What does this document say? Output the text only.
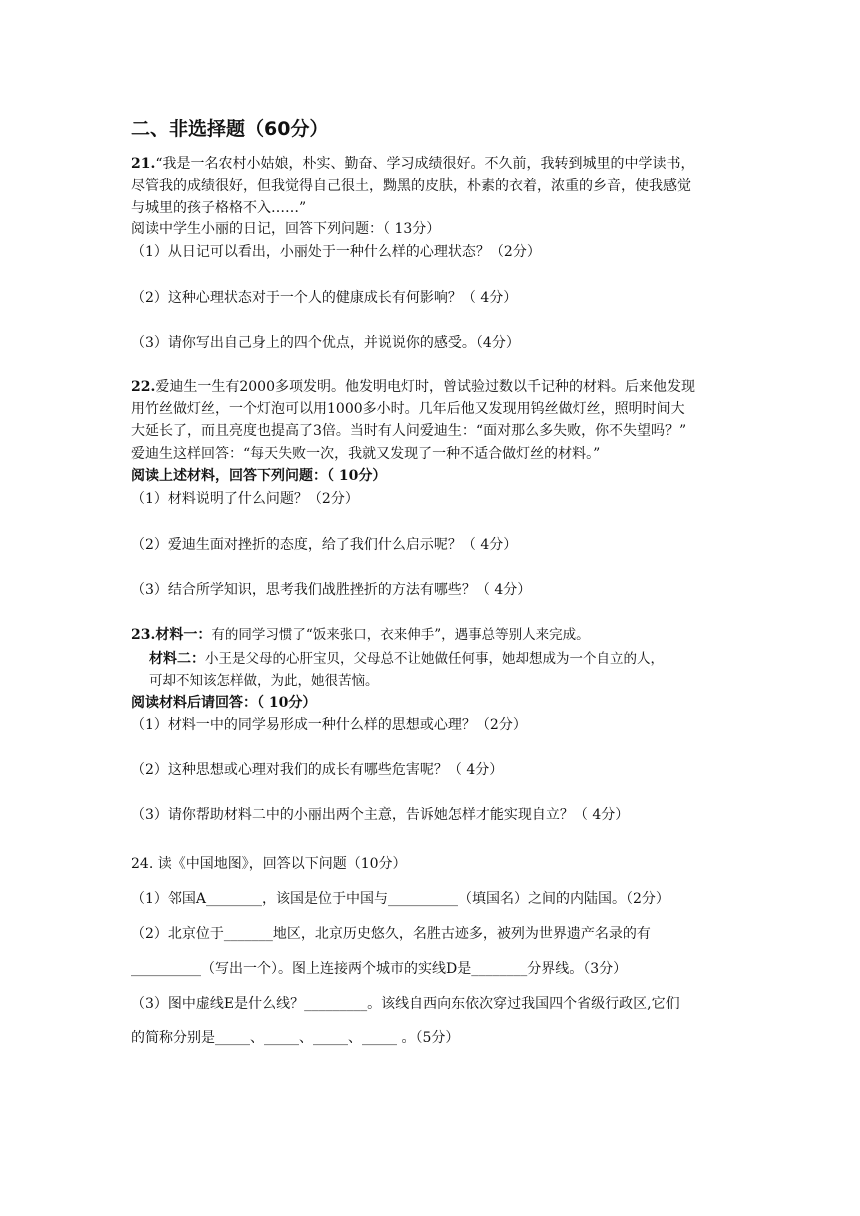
二、非选择题（60分）
21.“我是一名农村小姑娘，朴实、勤奋、学习成绩很好。不久前，我转到城里的中学读书，
尽管我的成绩很好，但我觉得自己很土，黝黑的皮肤，朴素的衣着，浓重的乡音，使我感觉
与城里的孩子格格不入……”
阅读中学生小丽的日记，回答下列问题：（ 13分）
（1）从日记可以看出，小丽处于一种什么样的心理状态？（2分）
（2）这种心理状态对于一个人的健康成长有何影响？（ 4分）
（3）请你写出自己身上的四个优点，并说说你的感受。（4分）
22.爱迪生一生有2000多项发明。他发明电灯时，曾试验过数以千记种的材料。后来他发现
用竹丝做灯丝，一个灯泡可以用1000多小时。几年后他又发现用钨丝做灯丝，照明时间大
大延长了，而且亮度也提高了3倍。当时有人问爱迪生：“面对那么多失败，你不失望吗？”
爱迪生这样回答：“每天失败一次，我就又发现了一种不适合做灯丝的材料。”
阅读上述材料，回答下列问题：（ 10分）
（1）材料说明了什么问题？（2分）
（2）爱迪生面对挫折的态度，给了我们什么启示呢？（ 4分）
（3）结合所学知识，思考我们战胜挫折的方法有哪些？（ 4分）
23.材料一：有的同学习惯了“饭来张口，衣来伸手”，遇事总等别人来完成。
材料二：小王是父母的心肝宝贝，父母总不让她做任何事，她却想成为一个自立的人，
可却不知该怎样做，为此，她很苦恼。
阅读材料后请回答：（ 10分）
（1）材料一中的同学易形成一种什么样的思想或心理？（2分）
（2）这种思想或心理对我们的成长有哪些危害呢？（ 4分）
（3）请你帮助材料二中的小丽出两个主意，告诉她怎样才能实现自立？（ 4分）
24. 读《中国地图》，回答以下问题（10分）
（1）邻国A________，该国是位于中国与__________（填国名）之间的内陆国。（2分）
（2）北京位于_______地区，北京历史悠久，名胜古迹多，被列为世界遗产名录的有
__________（写出一个）。图上连接两个城市的实线D是________分界线。（3分）
（3）图中虚线E是什么线？_________。该线自西向东依次穿过我国四个省级行政区,它们
的简称分别是_____、_____、_____、_____ 。（5分）
